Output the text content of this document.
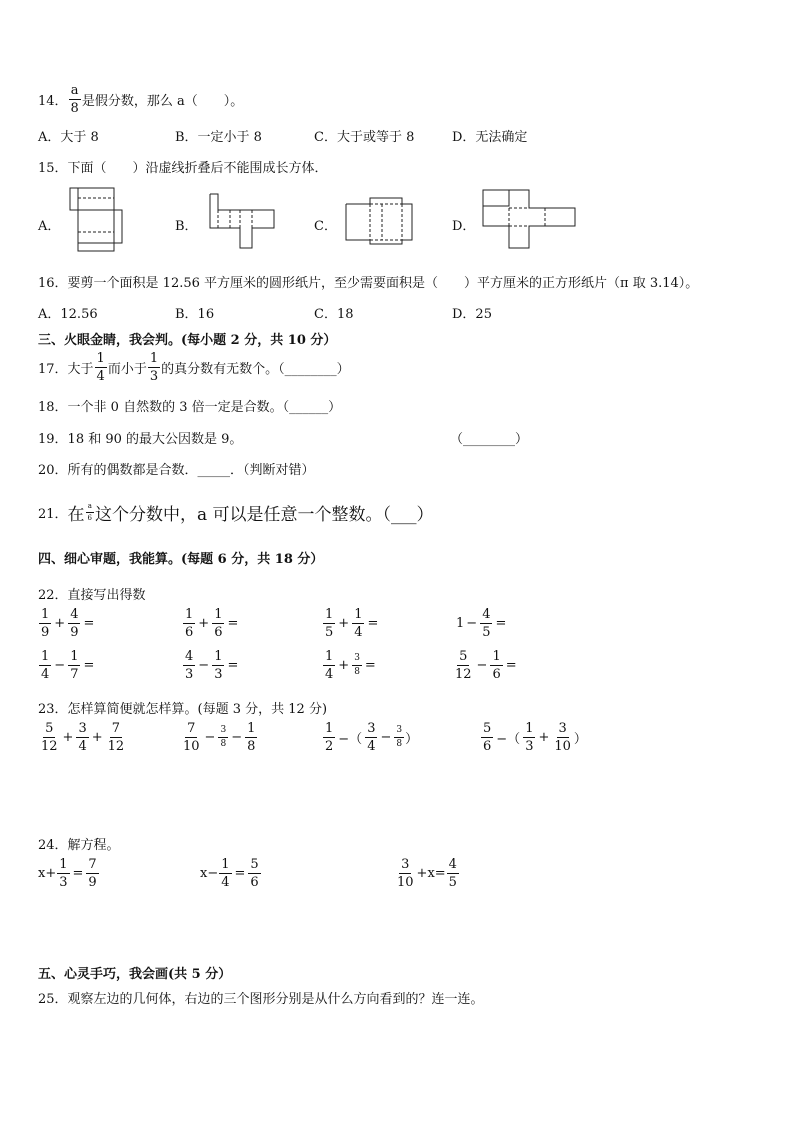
14． $\frac{a}{8}$ 是假分数，那么 a（　　）。
A．大于 8	B．一定小于 8	C．大于或等于 8	D．无法确定
15．下面（　　）沿虚线折叠后不能围成长方体．
A．	B．	C．	D．
16．要剪一个面积是 12.56 平方厘米的圆形纸片，至少需要面积是（　　）平方厘米的正方形纸片（π 取 3.14）。
A．12.56	B．16	C．18	D．25
三、火眼金睛，我会判。(每小题 2 分，共 10 分）
17．大于 $\frac{1}{4}$ 而小于 $\frac{1}{3}$ 的真分数有无数个。（________）
18．一个非 0 自然数的 3 倍一定是合数。（______）
19．18 和 90 的最大公因数是 9。	（________）
20．所有的偶数都是合数．_____．（判断对错）
21． 在 $\frac{a}{6}$ 这个分数中，a 可以是任意一个整数。（___）
四、细心审题，我能算。(每题 6 分，共 18 分）
22．直接写出得数
$\frac{1}{9} + \frac{4}{9}$ =	$\frac{1}{6} + \frac{1}{6}$ =	$\frac{1}{5} + \frac{1}{4}$ =	$1 - \frac{4}{5}$ =
$\frac{1}{4} - \frac{1}{7}$ =	$\frac{4}{3} - \frac{1}{3}$ =	$\frac{1}{4} + \frac{3}{8}$ =	$\frac{5}{12} - \frac{1}{6}$ =
23．怎样算简便就怎样算。(每题 3 分，共 12 分)
$\frac{5}{12} + \frac{3}{4} + \frac{7}{12}$	$\frac{7}{10} - \frac{3}{8} - \frac{1}{8}$	$\frac{1}{2}$ −（ $\frac{3}{4} - \frac{3}{8}$ ）	$\frac{5}{6}$ −（ $\frac{1}{3} + \frac{3}{10}$ ）
24．解方程。
$x+ \frac{1}{3} = \frac{7}{9}$	$x- \frac{1}{4} = \frac{5}{6}$	$\frac{3}{10} +x= \frac{4}{5}$
五、心灵手巧，我会画(共 5 分）
25．观察左边的几何体，右边的三个图形分别是从什么方向看到的？连一连。
